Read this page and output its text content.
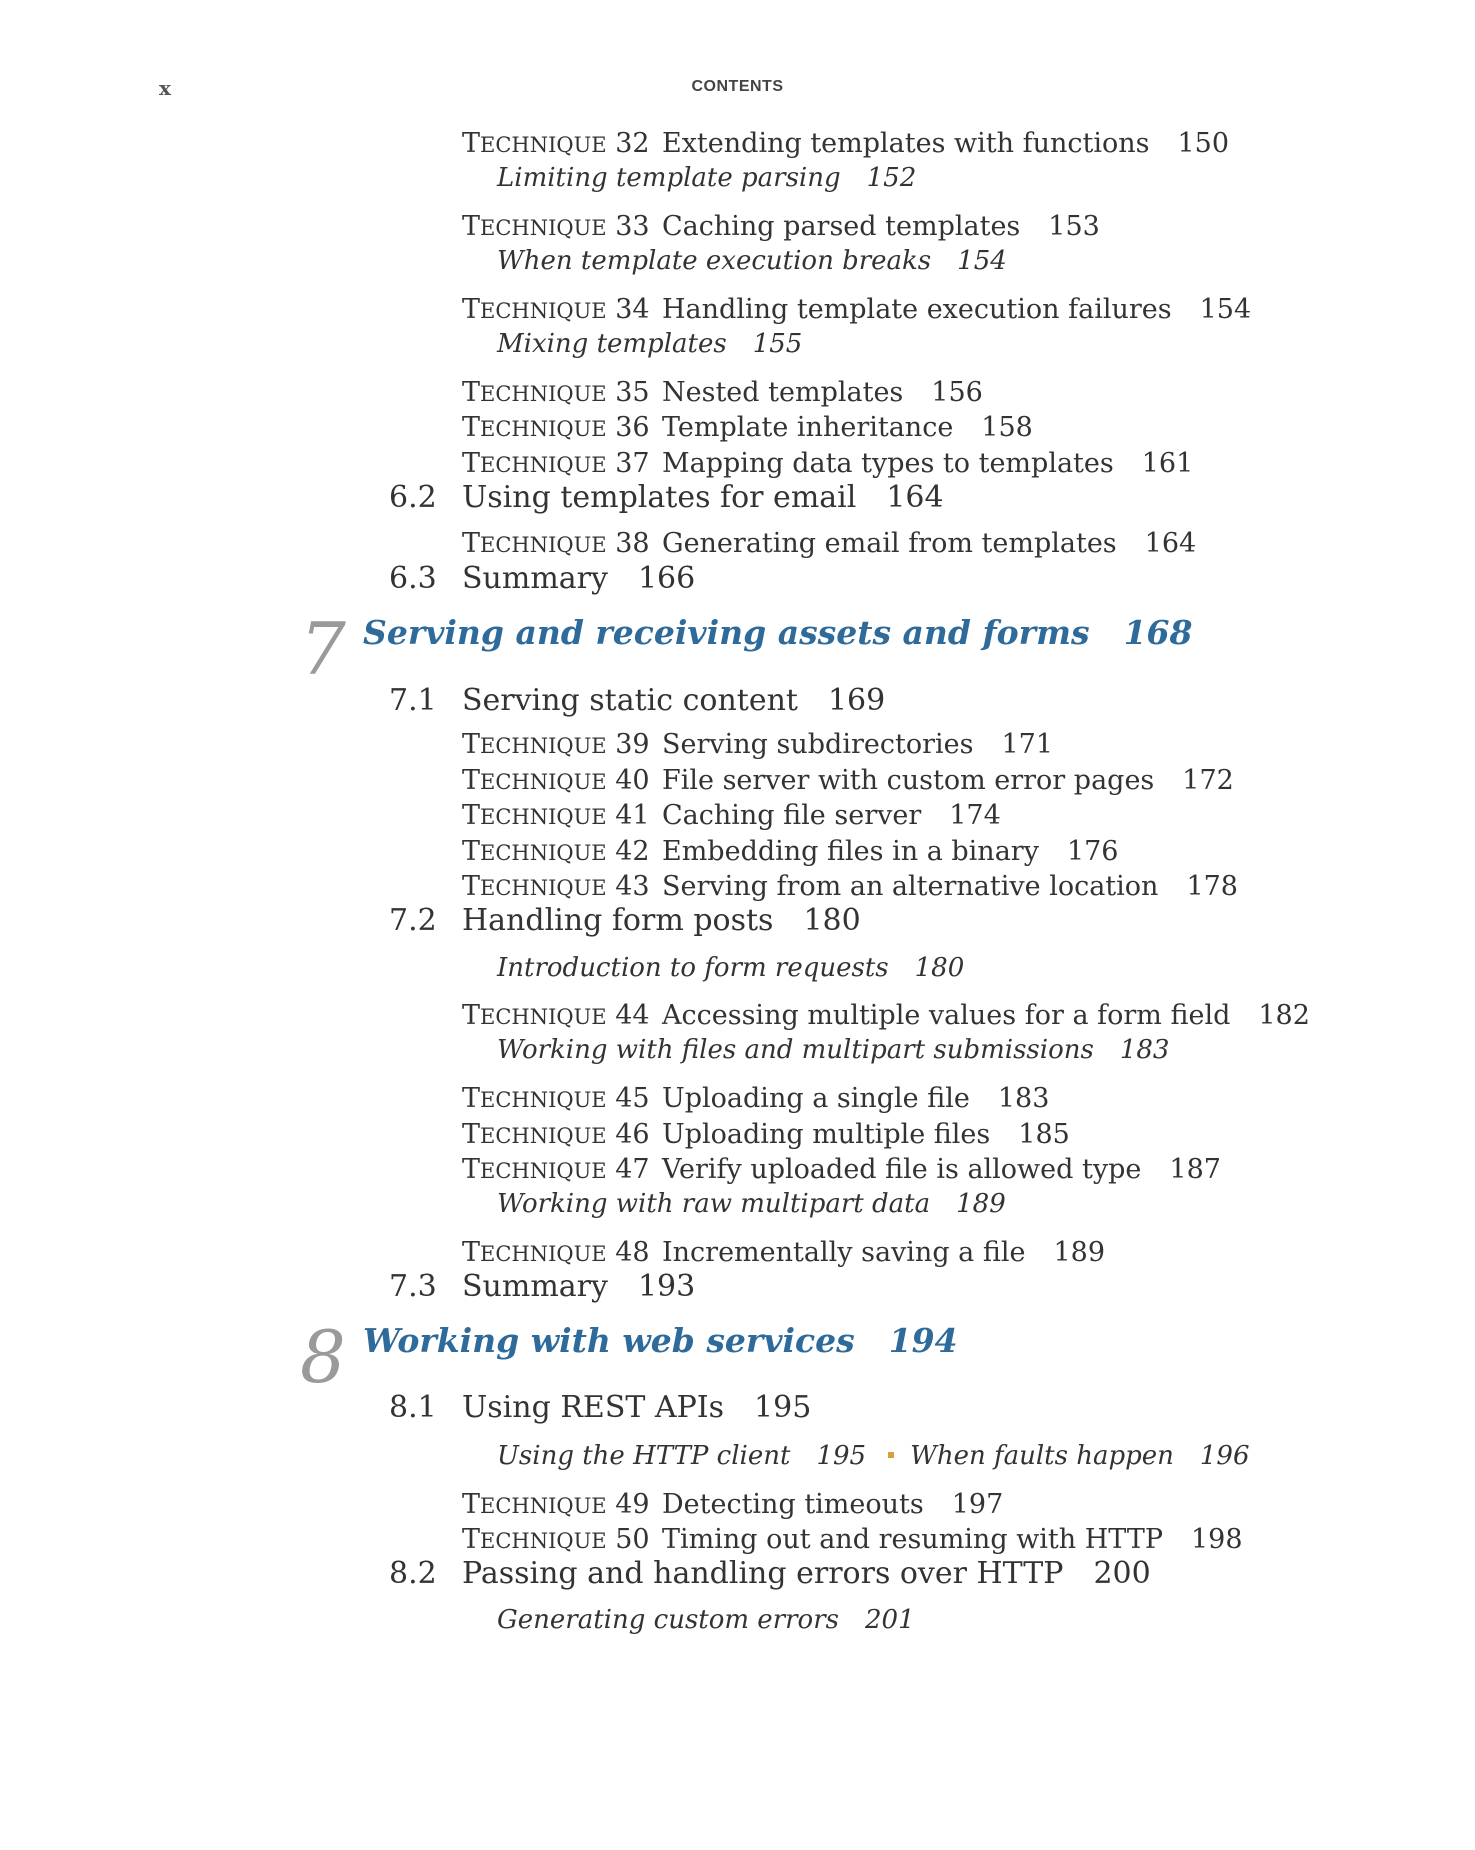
x	CONTENTS
TECHNIQUE 32 Extending templates with functions 150
Limiting template parsing 152
TECHNIQUE 33 Caching parsed templates 153
When template execution breaks 154
TECHNIQUE 34 Handling template execution failures 154
Mixing templates 155
TECHNIQUE 35 Nested templates 156
TECHNIQUE 36 Template inheritance 158
TECHNIQUE 37 Mapping data types to templates 161
6.2 Using templates for email 164
TECHNIQUE 38 Generating email from templates 164
6.3 Summary 166
7 Serving and receiving assets and forms 168
7.1 Serving static content 169
TECHNIQUE 39 Serving subdirectories 171
TECHNIQUE 40 File server with custom error pages 172
TECHNIQUE 41 Caching file server 174
TECHNIQUE 42 Embedding files in a binary 176
TECHNIQUE 43 Serving from an alternative location 178
7.2 Handling form posts 180
Introduction to form requests 180
TECHNIQUE 44 Accessing multiple values for a form field 182
Working with files and multipart submissions 183
TECHNIQUE 45 Uploading a single file 183
TECHNIQUE 46 Uploading multiple files 185
TECHNIQUE 47 Verify uploaded file is allowed type 187
Working with raw multipart data 189
TECHNIQUE 48 Incrementally saving a file 189
7.3 Summary 193
8 Working with web services 194
8.1 Using REST APIs 195
Using the HTTP client 195 When faults happen 196
TECHNIQUE 49 Detecting timeouts 197
TECHNIQUE 50 Timing out and resuming with HTTP 198
8.2 Passing and handling errors over HTTP 200
Generating custom errors 201
